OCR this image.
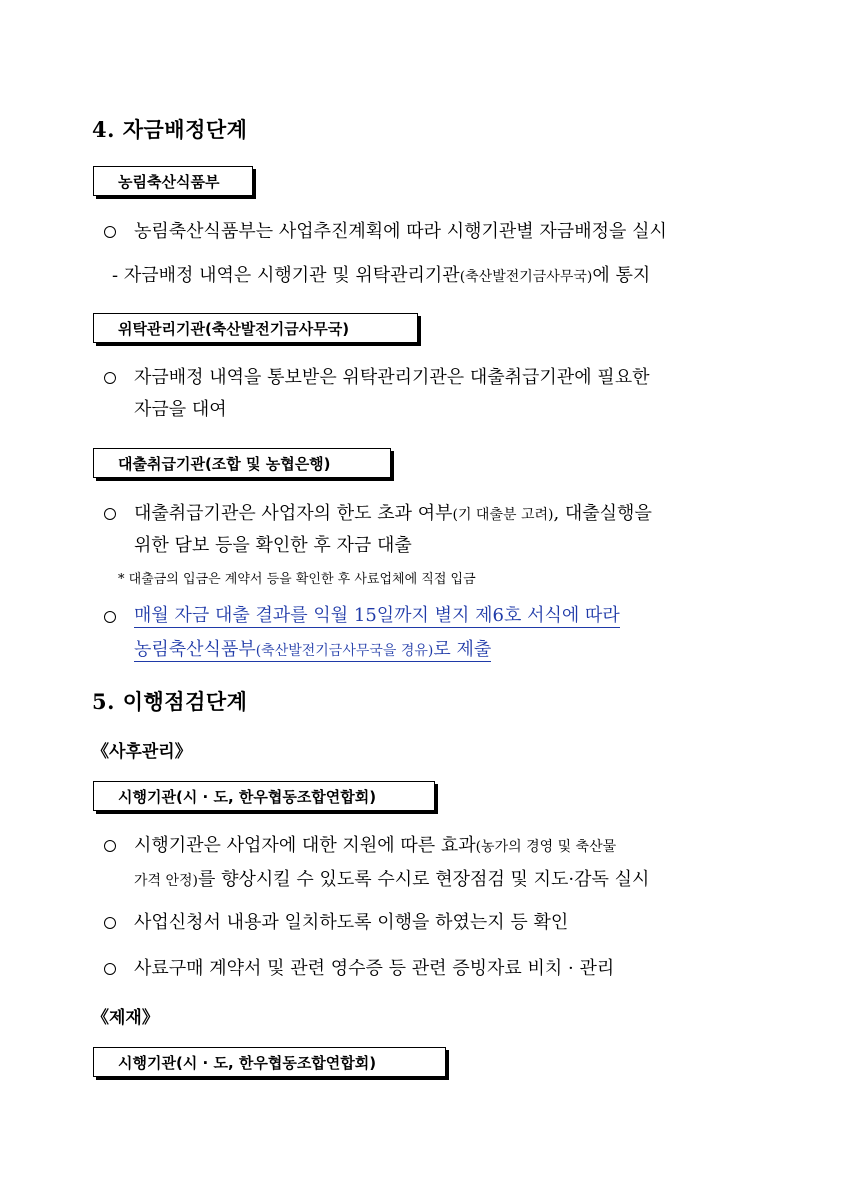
4. 자금배정단계
농림축산식품부
농림축산식품부는 사업추진계획에 따라 시행기관별 자금배정을 실시
- 자금배정 내역은 시행기관 및 위탁관리기관(축산발전기금사무국)에 통지
위탁관리기관(축산발전기금사무국)
자금배정 내역을 통보받은 위탁관리기관은 대출취급기관에 필요한
자금을 대여
대출취급기관(조합 및 농협은행)
대출취급기관은 사업자의 한도 초과 여부(기 대출분 고려), 대출실행을
위한 담보 등을 확인한 후 자금 대출
* 대출금의 입금은 계약서 등을 확인한 후 사료업체에 직접 입금
매월 자금 대출 결과를 익월 15일까지 별지 제6호 서식에 따라
농림축산식품부(축산발전기금사무국을 경유)로 제출
5. 이행점검단계
《사후관리》
시행기관(시 · 도, 한우협동조합연합회)
시행기관은 사업자에 대한 지원에 따른 효과(농가의 경영 및 축산물
가격 안정)를 향상시킬 수 있도록 수시로 현장점검 및 지도·감독 실시
사업신청서 내용과 일치하도록 이행을 하였는지 등 확인
사료구매 계약서 및 관련 영수증 등 관련 증빙자료 비치 · 관리
《제재》
시행기관(시 · 도, 한우협동조합연합회)
